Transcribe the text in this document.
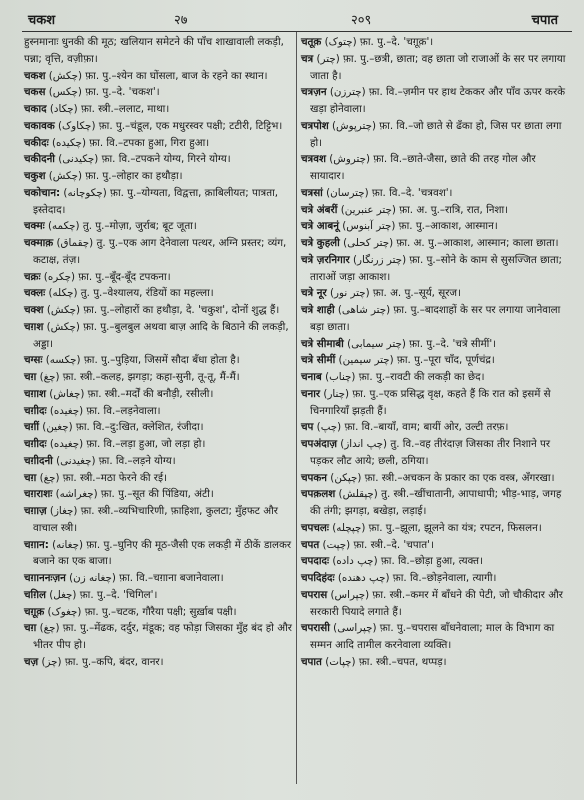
चकश	२७	२०९	चपात

हुस्नमानाः धुनकी की मूठ; खलियान समेटने की पाँच शाखावाली लकड़ी, पन्ना; वृत्ति, वज़ीफ़ा।

चकश (چکش) फ़ा. पु.–श्येन का घोंसला, बाज के रहने का स्थान।

चकस (چکس) फ़ा. पु.–दे. 'चकश'।

चकाद (چکاد) फ़ा. स्त्री.–ललाट, माथा।

चकावक (چکاوک) फ़ा. पु.–चंडूल, एक मधुरस्वर पक्षी; टटीरी, टिट्टिभ।

चकीदः (چکیده) फ़ा. वि.–टपका हुआ, गिरा हुआ।

चकीदनी (چکیدنی) फ़ा. वि.–टपकने योग्य, गिरने योग्य।

चकुश (چکش) फ़ा. पु.–लोहार का हथौड़ा।

चकोचान: (چکوچانه) फ़ा. पु.–योग्यता, विद्वत्ता, क़ाबिलीयत; पात्रता, इस्तेदाद।

चक्मः (چکمه) तु. पु.–मोज़ा, जुर्राब; बूट जूता।

चक्माक़ (چقماق) तु. पु.–एक आग देनेवाला पत्थर, अग्नि प्रस्तर; व्यंग, कटाक्ष, तंज़।

चक्रः (چکره) फ़ा. पु.–बूँद-बूँद टपकना।

चक्लः (چکله) तु. पु.–वेश्यालय, रंडियों का महल्ला।

चक्श (چکش) फ़ा. पु.–लोहारों का हथौड़ा, दे. 'चकुश', दोनों शुद्ध हैं।

चग़श (چکش) फ़ा. पु.–बुलबुल अथवा बाज़ आदि के बिठाने की लकड़ी, अड्डा।

चग्सः (چکسه) फ़ा. पु.–पुड़िया, जिसमें सौदा बँधा होता है।

चग़ (چغ) फ़ा. स्त्री.–कलह, झगड़ा; कहा-सुनी, तू-तू, मैं-मैं।

चग़ाश (چغاش) फ़ा. स्त्री.–मर्दों की बनौड़ी, रसीली।

चग़ीदः (چغیده) फ़ा. वि.–लड़नेवाला।

चग़ीं (چغین) फ़ा. वि.–दु:खित, क्लेशित, रंजीदा।

चग़ीदः (چغیده) फ़ा. वि.–लड़ा हुआ, जो लड़ा हो।

चग़ीदनी (چغیدنی) फ़ा. वि.–लड़ने योग्य।

चग़ (چغ) फ़ा. स्त्री.–मठा फेरने की रई।

चग़राशः (چغراشه) फ़ा. पु.–सूत की पिंडिया, अंटी।

चग़ाज़ (چغاز) फ़ा. स्त्री.–व्यभिचारिणी, फ़ाहिशा, कुलटा; मुँहफट और वाचाल स्त्री।

चग़ान: (چغانه) फ़ा. पु.–घुनिए की मूठ-जैसी एक लकड़ी में ठीकें डालकर बजाने का एक बाजा।

चग़ाननःज़न (چغانه زن) फ़ा. वि.–चग़ाना बजानेवाला।

चग़िल (چغل) फ़ा. पु.–दे. 'चिगिल'।

चग़ूक़ (چغوک) फ़ा. पु.–चटक, गौरैया पक्षी; सुर्ख़ाब पक्षी।

चग़ (چغ) फ़ा. पु.–मेंढक, दर्दुर, मंडूक; वह फोड़ा जिसका मुँह बंद हो और भीतर पीप हो।

चज़ (چز) फ़ा. पु.–कपि, बंदर, वानर।

चतूक़ (چتوک) फ़ा. पु.–दे. 'चग़ूक़'।

चत्र (چتر) फ़ा. पु.–छत्री, छाता; वह छाता जो राजाओं के सर पर लगाया जाता है।

चत्रज़न (چترزن) फ़ा. वि.–ज़मीन पर हाथ टेककर और पाँव ऊपर करके खड़ा होनेवाला।

चत्रपोश (چترپوش) फ़ा. वि.–जो छाते से ढँका हो, जिस पर छाता लगा हो।

चत्रवश (چتروش) फ़ा. वि.–छाते-जैसा, छाते की तरह गोल और सायादार।

चत्रसां (چترسان) फ़ा. वि.–दे. 'चत्रवश'।

चत्रे अंबरीं (چتر عنبرین) फ़ा. अ. पु.–रात्रि, रात, निशा।

चत्रे आबनूं (چتر آبنوس) फ़ा. पु.–आकाश, आस्मान।

चत्रे कुहली (چتر کحلی) फ़ा. अ. पु.–आकाश, आस्मान; काला छाता।

चत्रे ज़रनिगार (چتر زرنگار) फ़ा. पु.–सोने के काम से सुसज्जित छाता; ताराओं जड़ा आकाश।

चत्रे नूर (چتر نور) फ़ा. अ. पु.–सूर्य, सूरज।

चत्रे शाही (چتر شاهی) फ़ा. पु.–बादशाहों के सर पर लगाया जानेवाला बड़ा छाता।

चत्रे सीमाबी (چتر سیمابی) फ़ा. पु.–दे. 'चत्रे सीमीं'।

चत्रे सीमीं (چتر سیمین) फ़ा. पु.–पूरा चाँद, पूर्णचंद्र।

चनाब (چناب) फ़ा. पु.–रावटी की लकड़ी का छेद।

चनार (چنار) फ़ा. पु.–एक प्रसिद्ध वृक्ष, कहते हैं कि रात को इसमें से चिनगारियाँ झड़ती हैं।

चप (چپ) फ़ा. वि.–बायाँ, वाम; बायीं ओर, उल्टी तरफ़।

चपअंदाज़ (چپ انداز) तु. वि.–वह तीरंदाज़ जिसका तीर निशाने पर पड़कर लौट आये; छली, ठगिया।

चपकन (چپکن) फ़ा. स्त्री.–अचकन के प्रकार का एक वस्त्र, अँगरखा।

चपक़लश (چپقلش) तु. स्त्री.–खींचातानी, आपाधापी; भीड़-भाड़, जगह की तंगी; झगड़ा, बखेड़ा, लड़ाई।

चपचलः (چپچله) फ़ा. पु.–झूला, झूलने का यंत्र; रपटन, फिसलन।

चपत (چپت) फ़ा. स्त्री.–दे. 'चपात'।

चपदादः (چپ داده) फ़ा. वि.–छोड़ा हुआ, त्यक्त।

चपदिहंदः (چپ دهنده) फ़ा. वि.–छोड़नेवाला, त्यागी।

चपरास (چپراس) फ़ा. स्त्री.–कमर में बाँधने की पेटी, जो चौकीदार और सरकारी पियादे लगाते हैं।

चपरासी (چپراسی) फ़ा. पु.–चपरास बाँधनेवाला; माल के विभाग का सम्मन आदि तामील करनेवाला व्यक्ति।

चपात (چپات) फ़ा. स्त्री.–चपत, थप्पड़।
